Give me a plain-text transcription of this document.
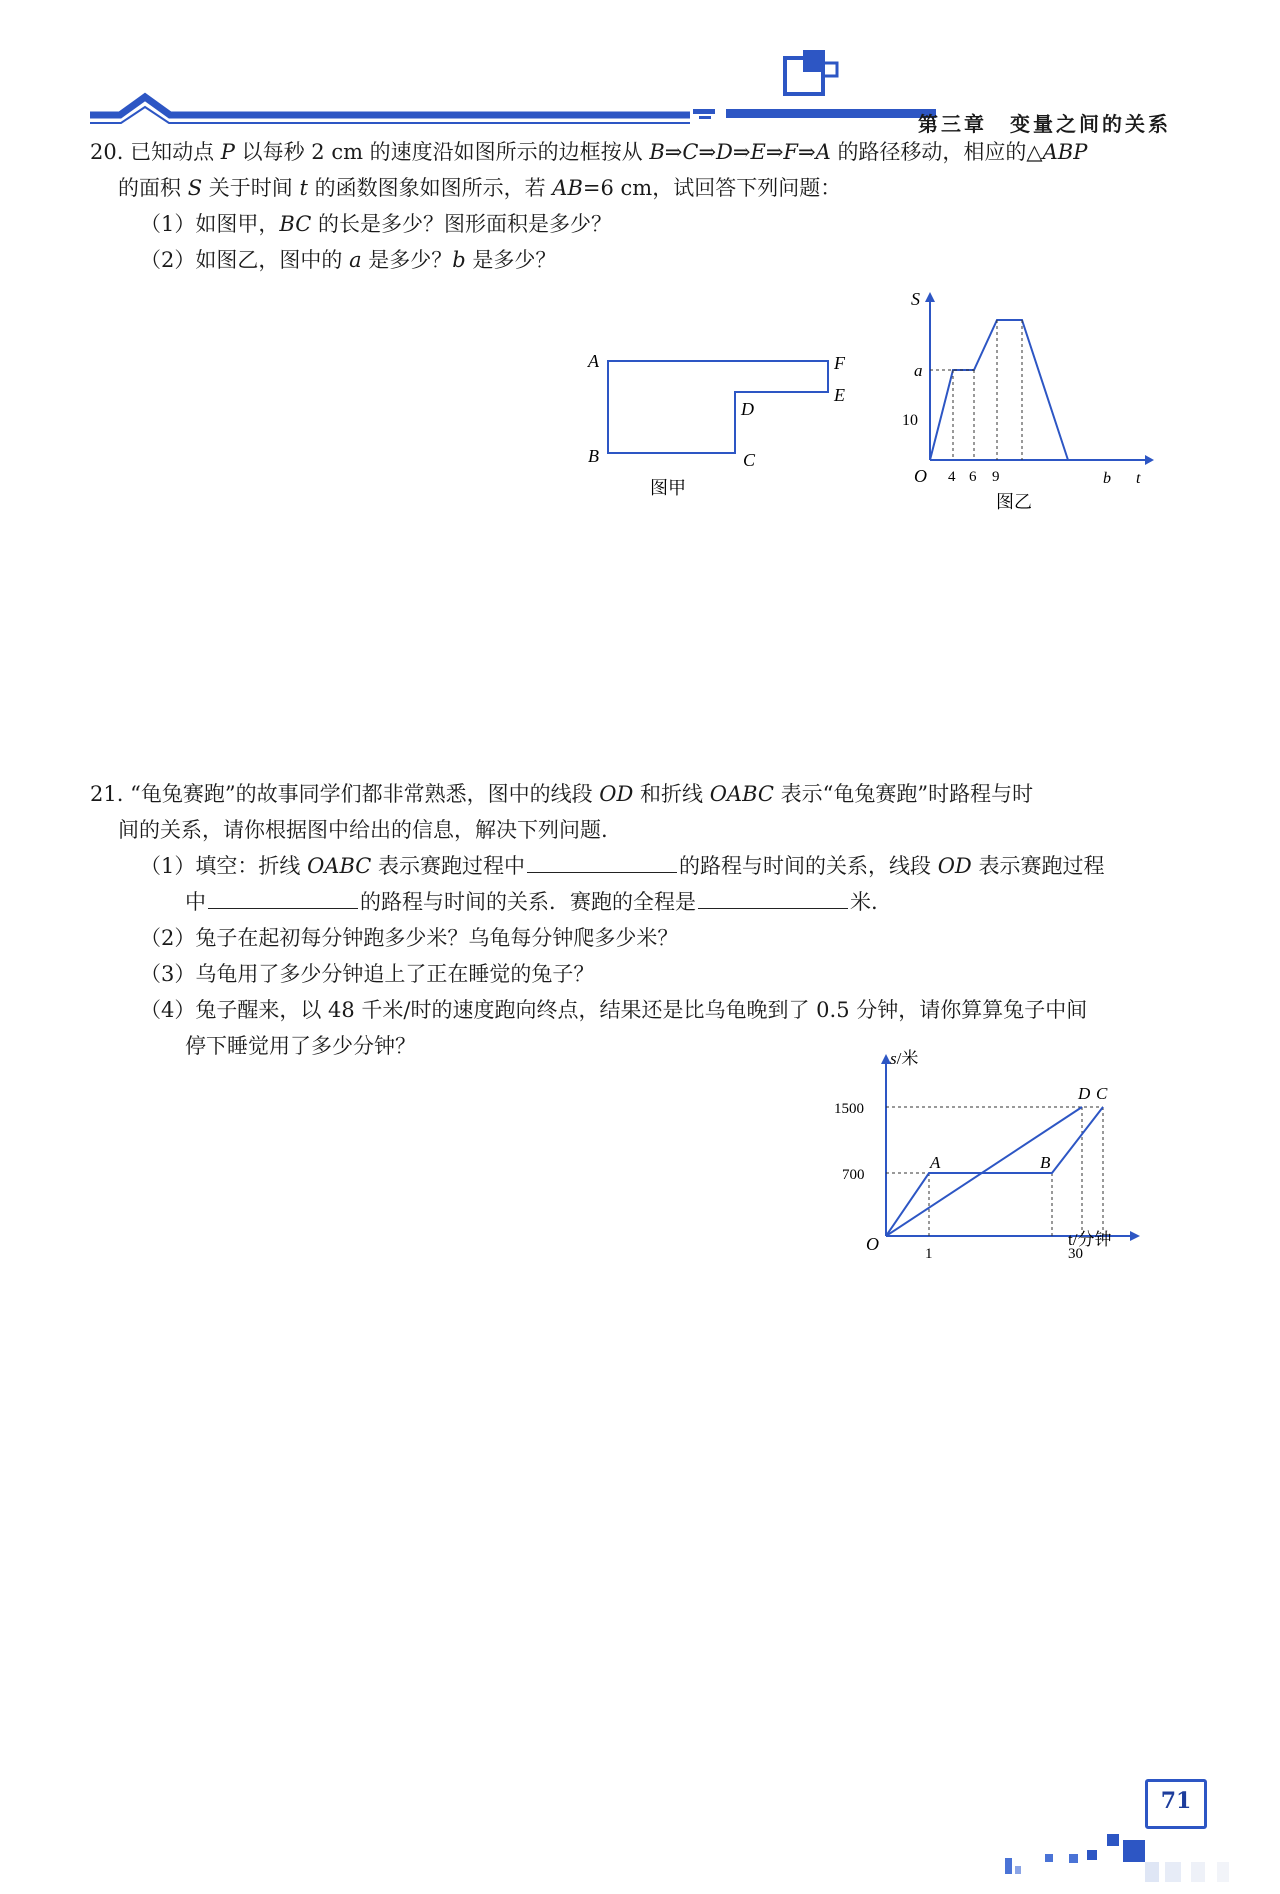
第三章　变量之间的关系
20. 已知动点 P 以每秒 2 cm 的速度沿如图所示的边框按从 B⇒C⇒D⇒E⇒F⇒A 的路径移动，相应的△ABP
的面积 S 关于时间 t 的函数图象如图所示，若 AB=6 cm，试回答下列问题：
（1）如图甲，BC 的长是多少？图形面积是多少？
（2）如图乙，图中的 a 是多少？b 是多少？
A
B	C
D
E
F
图甲
S
t
O
a
10
4 6 9	b
图乙
21. “龟兔赛跑”的故事同学们都非常熟悉，图中的线段 OD 和折线 OABC 表示“龟兔赛跑”时路程与时
间的关系，请你根据图中给出的信息，解决下列问题.
（1）填空：折线 OABC 表示赛跑过程中	的路程与时间的关系，线段 OD 表示赛跑过程
中	的路程与时间的关系．赛跑的全程是	米.
（2）兔子在起初每分钟跑多少米？乌龟每分钟爬多少米？
（3）乌龟用了多少分钟追上了正在睡觉的兔子？
（4）兔子醒来，以 48 千米/时的速度跑向终点，结果还是比乌龟晚到了 0.5 分钟，请你算算兔子中间
停下睡觉用了多少分钟？
s/米
t/分钟
O
1500
700
1	30
A	B
D C
71
